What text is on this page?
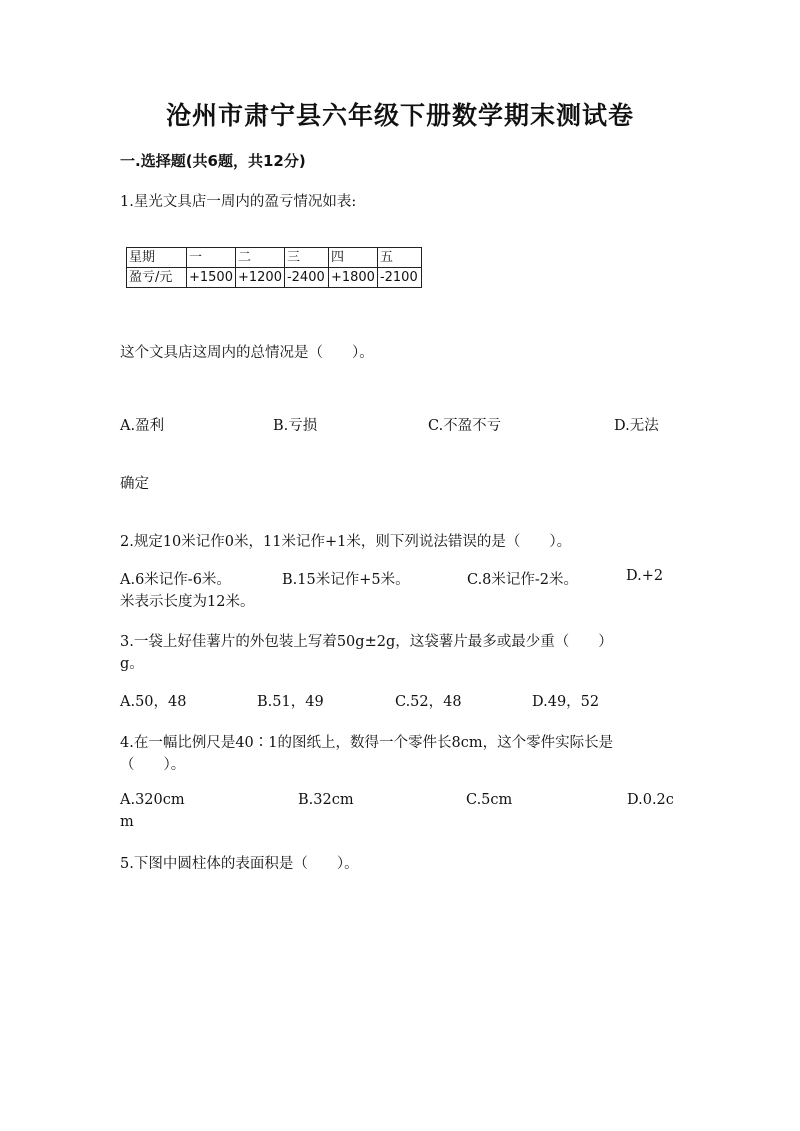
沧州市肃宁县六年级下册数学期末测试卷
一.选择题(共6题，共12分)
1.星光文具店一周内的盈亏情况如表:
星期	一	二	三	四	五
盈亏/元	+1500	+1200	-2400	+1800	-2100
这个文具店这周内的总情况是（　　）。
A.盈利	B.亏损	C.不盈不亏	D.无法
确定
2.规定10米记作0米，11米记作+1米，则下列说法错误的是（　　）。
A.6米记作-6米。	B.15米记作+5米。	C.8米记作-2米。	D.+2
米表示长度为12米。
3.一袋上好佳薯片的外包装上写着50g±2g，这袋薯片最多或最少重（　　）
g。
A.50，48	B.51，49	C.52，48	D.49，52
4.在一幅比例尺是40∶1的图纸上，数得一个零件长8cm，这个零件实际长是
（　　）。
A.320cm	B.32cm	C.5cm	D.0.2c
m
5.下图中圆柱体的表面积是（　　）。
